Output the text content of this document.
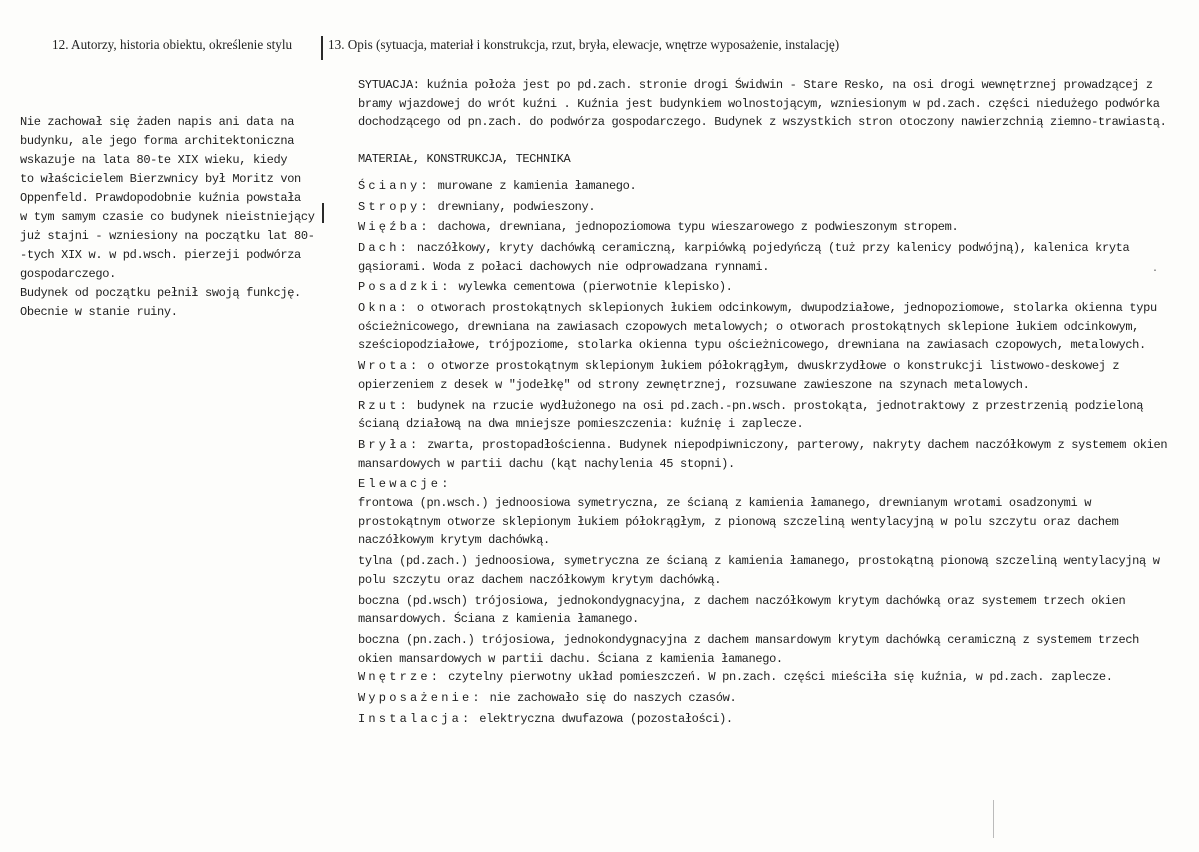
12. Autorzy, historia obiektu, określenie stylu	13. Opis (sytuacja, materiał i konstrukcja, rzut, bryła, elewacje, wnętrze wyposażenie, instalację)
Nie zachował się żaden napis ani data na
budynku, ale jego forma architektoniczna
wskazuje na lata 80-te XIX wieku, kiedy
to właścicielem Bierzwnicy był Moritz von
Oppenfeld. Prawdopodobnie kuźnia powstała
w tym samym czasie co budynek nieistniejący
już stajni - wzniesiony na początku lat 80-
-tych XIX w. w pd.wsch. pierzeji podwórza
gospodarczego.
Budynek od początku pełnił swoją funkcję.
Obecnie w stanie ruiny.

SYTUACJA: kuźnia położa jest po pd.zach. stronie drogi Świdwin - Stare Resko, na osi drogi wewnętrznej prowadzącej z bramy wjazdowej do wrót kuźni . Kuźnia jest budynkiem wolnostojącym, wzniesionym w pd.zach. części niedużego podwórka dochodzącego od pn.zach. do podwórza gospodarczego. Budynek z wszystkich stron otoczony nawierzchnią ziemno-trawiastą.

MATERIAŁ, KONSTRUKCJA, TECHNIKA

Ściany: murowane z kamienia łamanego.

Stropy: drewniany, podwieszony.

Więźba: dachowa, drewniana, jednopoziomowa typu wieszarowego z podwieszonym stropem.

Dach: naczółkowy, kryty dachówką ceramiczną, karpiówką pojedyńczą (tuż przy kalenicy podwójną), kalenica kryta gąsiorami. Woda z połaci dachowych nie odprowadzana rynnami.

Posadzki: wylewka cementowa (pierwotnie klepisko).

Okna: o otworach prostokątnych sklepionych łukiem odcinkowym, dwupodziałowe, jednopoziomowe, stolarka okienna typu ościeżnicowego, drewniana na zawiasach czopowych metalowych; o otworach prostokątnych sklepione łukiem odcinkowym, sześciopodziałowe, trójpoziome, stolarka okienna typu ościeżnicowego, drewniana na zawiasach czopowych, metalowych.

Wrota: o otworze prostokątnym sklepionym łukiem półokrągłym, dwuskrzydłowe o konstrukcji listwowo-deskowej z opierzeniem z desek w "jodełkę" od strony zewnętrznej, rozsuwane zawieszone na szynach metalowych.

Rzut: budynek na rzucie wydłużonego na osi pd.zach.-pn.wsch. prostokąta, jednotraktowy z przestrzenią podzieloną ścianą działową na dwa mniejsze pomieszczenia: kuźnię i zaplecze.

Bryła: zwarta, prostopadłościenna. Budynek niepodpiwniczony, parterowy, nakryty dachem naczółkowym z systemem okien mansardowych w partii dachu (kąt nachylenia 45 stopni).

Elewacje:

frontowa (pn.wsch.) jednoosiowa symetryczna, ze ścianą z kamienia łamanego, drewnianym wrotami osadzonymi w prostokątnym otworze sklepionym łukiem półokrągłym, z pionową szczeliną wentylacyjną w polu szczytu oraz dachem naczółkowym krytym dachówką.

tylna (pd.zach.) jednoosiowa, symetryczna ze ścianą z kamienia łamanego, prostokątną pionową szczeliną wentylacyjną w polu szczytu oraz dachem naczółkowym krytym dachówką.

boczna (pd.wsch) trójosiowa, jednokondygnacyjna, z dachem naczółkowym krytym dachówką oraz systemem trzech okien mansardowych. Ściana z kamienia łamanego.

boczna (pn.zach.) trójosiowa, jednokondygnacyjna z dachem mansardowym krytym dachówką ceramiczną z systemem trzech okien mansardowych w partii dachu. Ściana z kamienia łamanego.

Wnętrze: czytelny pierwotny układ pomieszczeń. W pn.zach. części mieściła się kuźnia, w pd.zach. zaplecze.

Wyposażenie: nie zachowało się do naszych czasów.

Instalacja: elektryczna dwufazowa (pozostałości).

·
